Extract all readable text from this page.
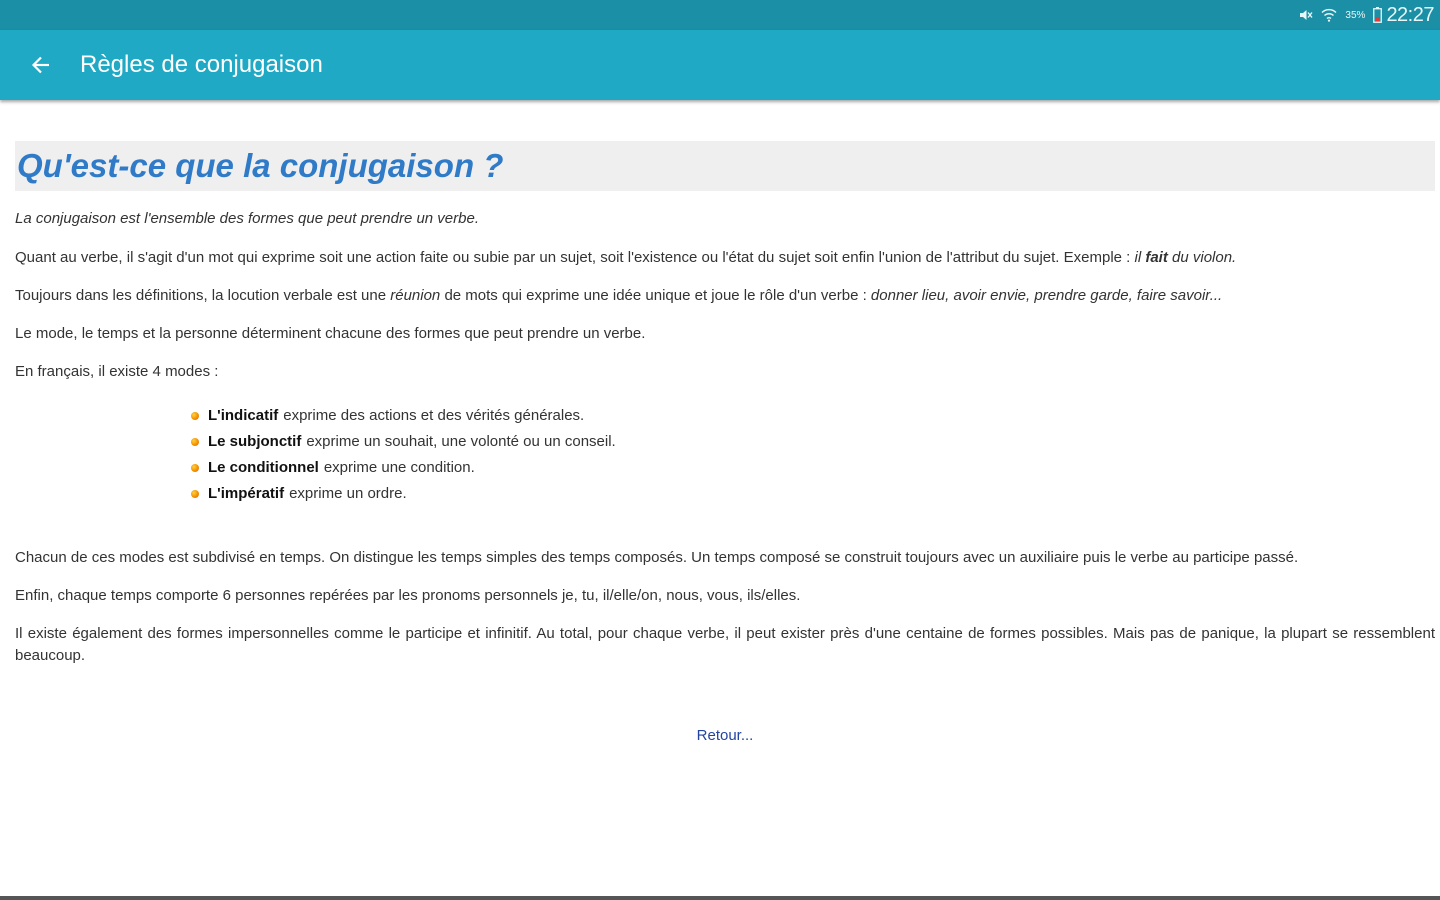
35% 22:27
Règles de conjugaison
Qu'est-ce que la conjugaison ?

La conjugaison est l'ensemble des formes que peut prendre un verbe.

Quant au verbe, il s'agit d'un mot qui exprime soit une action faite ou subie par un sujet, soit l'existence ou l'état du sujet soit enfin l'union de l'attribut du sujet. Exemple : il fait du violon.

Toujours dans les définitions, la locution verbale est une réunion de mots qui exprime une idée unique et joue le rôle d'un verbe : donner lieu, avoir envie, prendre garde, faire savoir...

Le mode, le temps et la personne déterminent chacune des formes que peut prendre un verbe.

En français, il existe 4 modes :

L'indicatif exprime des actions et des vérités générales.
Le subjonctif exprime un souhait, une volonté ou un conseil.
Le conditionnel exprime une condition.
L'impératif exprime un ordre.

Chacun de ces modes est subdivisé en temps. On distingue les temps simples des temps composés. Un temps composé se construit toujours avec un auxiliaire puis le verbe au participe passé.

Enfin, chaque temps comporte 6 personnes repérées par les pronoms personnels je, tu, il/elle/on, nous, vous, ils/elles.

Il existe également des formes impersonnelles comme le participe et infinitif. Au total, pour chaque verbe, il peut exister près d'une centaine de formes possibles. Mais pas de panique, la plupart se ressemblent beaucoup.

Retour...
